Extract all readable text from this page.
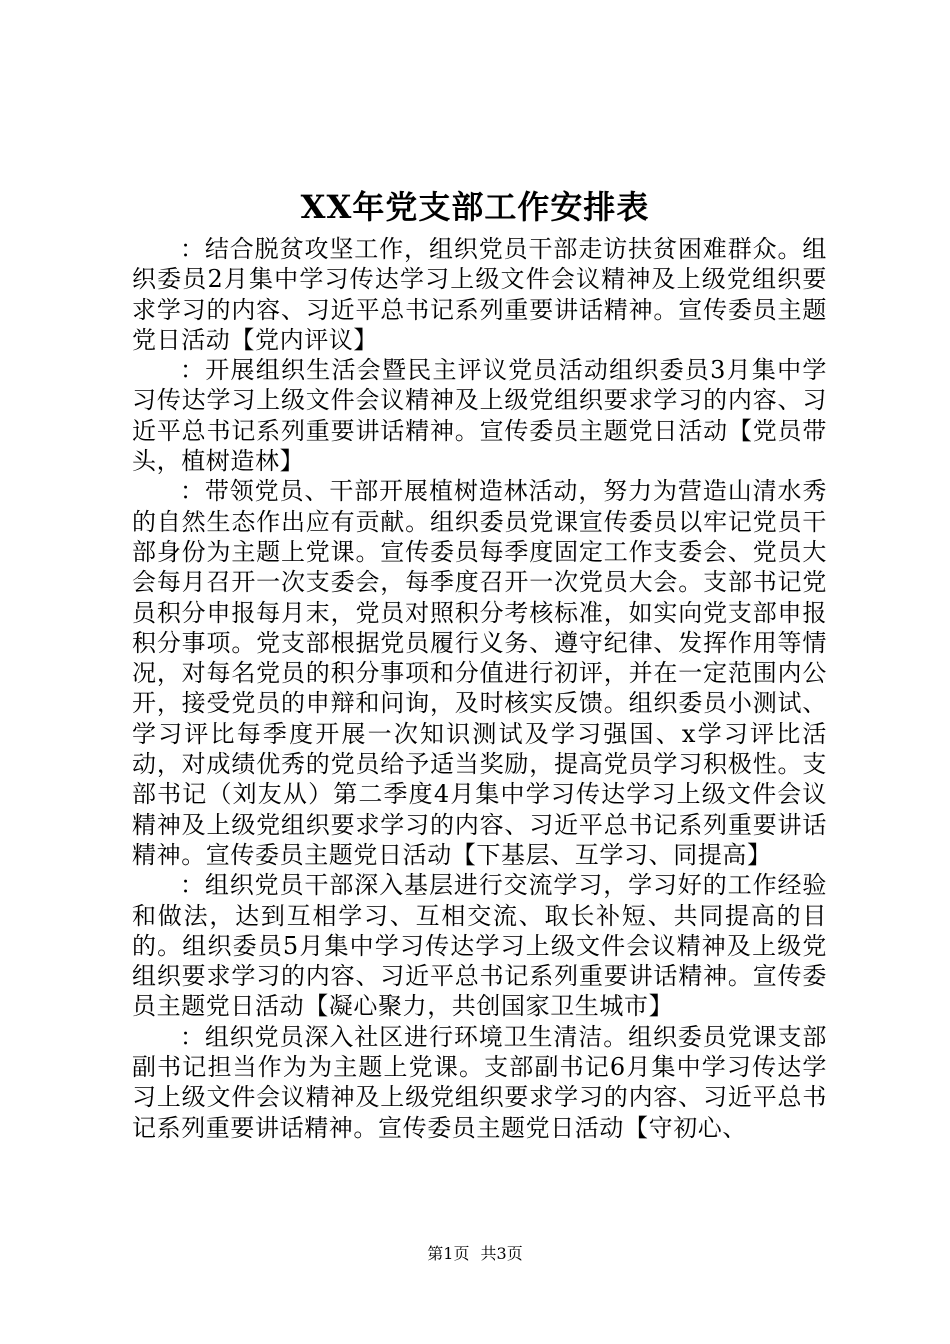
XX年党支部工作安排表

：结合脱贫攻坚工作，组织党员干部走访扶贫困难群众。组织委员2月集中学习传达学习上级文件会议精神及上级党组织要求学习的内容、习近平总书记系列重要讲话精神。宣传委员主题党日活动【党内评议】

：开展组织生活会暨民主评议党员活动组织委员3月集中学习传达学习上级文件会议精神及上级党组织要求学习的内容、习近平总书记系列重要讲话精神。宣传委员主题党日活动【党员带头，植树造林】

：带领党员、干部开展植树造林活动，努力为营造山清水秀的自然生态作出应有贡献。组织委员党课宣传委员以牢记党员干部身份为主题上党课。宣传委员每季度固定工作支委会、党员大会每月召开一次支委会，每季度召开一次党员大会。支部书记党员积分申报每月末，党员对照积分考核标准，如实向党支部申报积分事项。党支部根据党员履行义务、遵守纪律、发挥作用等情况，对每名党员的积分事项和分值进行初评，并在一定范围内公开，接受党员的申辩和问询，及时核实反馈。组织委员小测试、学习评比每季度开展一次知识测试及学习强国、x学习评比活动，对成绩优秀的党员给予适当奖励，提高党员学习积极性。支部书记（刘友从）第二季度4月集中学习传达学习上级文件会议精神及上级党组织要求学习的内容、习近平总书记系列重要讲话精神。宣传委员主题党日活动【下基层、互学习、同提高】

：组织党员干部深入基层进行交流学习，学习好的工作经验和做法，达到互相学习、互相交流、取长补短、共同提高的目的。组织委员5月集中学习传达学习上级文件会议精神及上级党组织要求学习的内容、习近平总书记系列重要讲话精神。宣传委员主题党日活动【凝心聚力，共创国家卫生城市】

：组织党员深入社区进行环境卫生清洁。组织委员党课支部副书记担当作为为主题上党课。支部副书记6月集中学习传达学习上级文件会议精神及上级党组织要求学习的内容、习近平总书记系列重要讲话精神。宣传委员主题党日活动【守初心、

第1页 共3页
